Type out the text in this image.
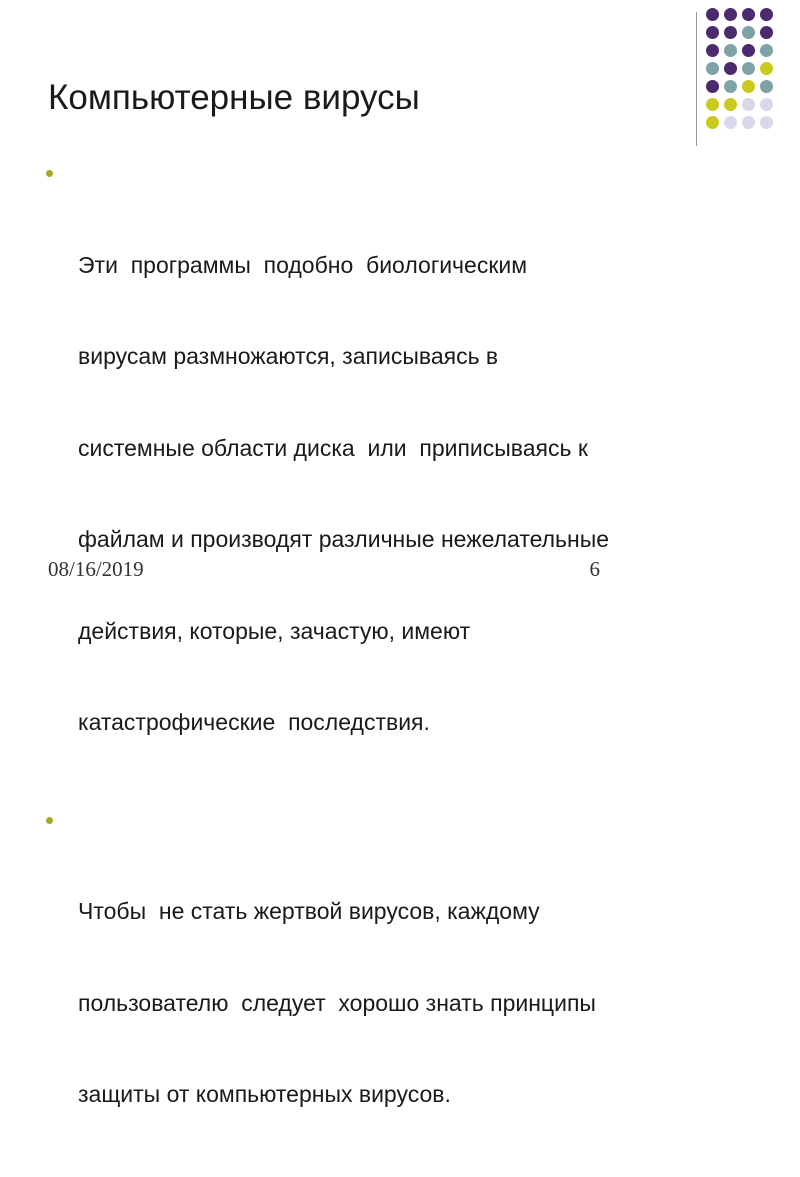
Компьютерные вирусы

Эти  программы  подобно  биологическим

вирусам размножаются, записываясь в

системные области диска  или  приписываясь к

файлам и производят различные нежелательные

действия, которые, зачастую, имеют

катастрофические  последствия.

Чтобы  не стать жертвой вирусов, каждому

пользователю  следует  хорошо знать принципы

защиты от компьютерных вирусов.

08/16/2019	6
